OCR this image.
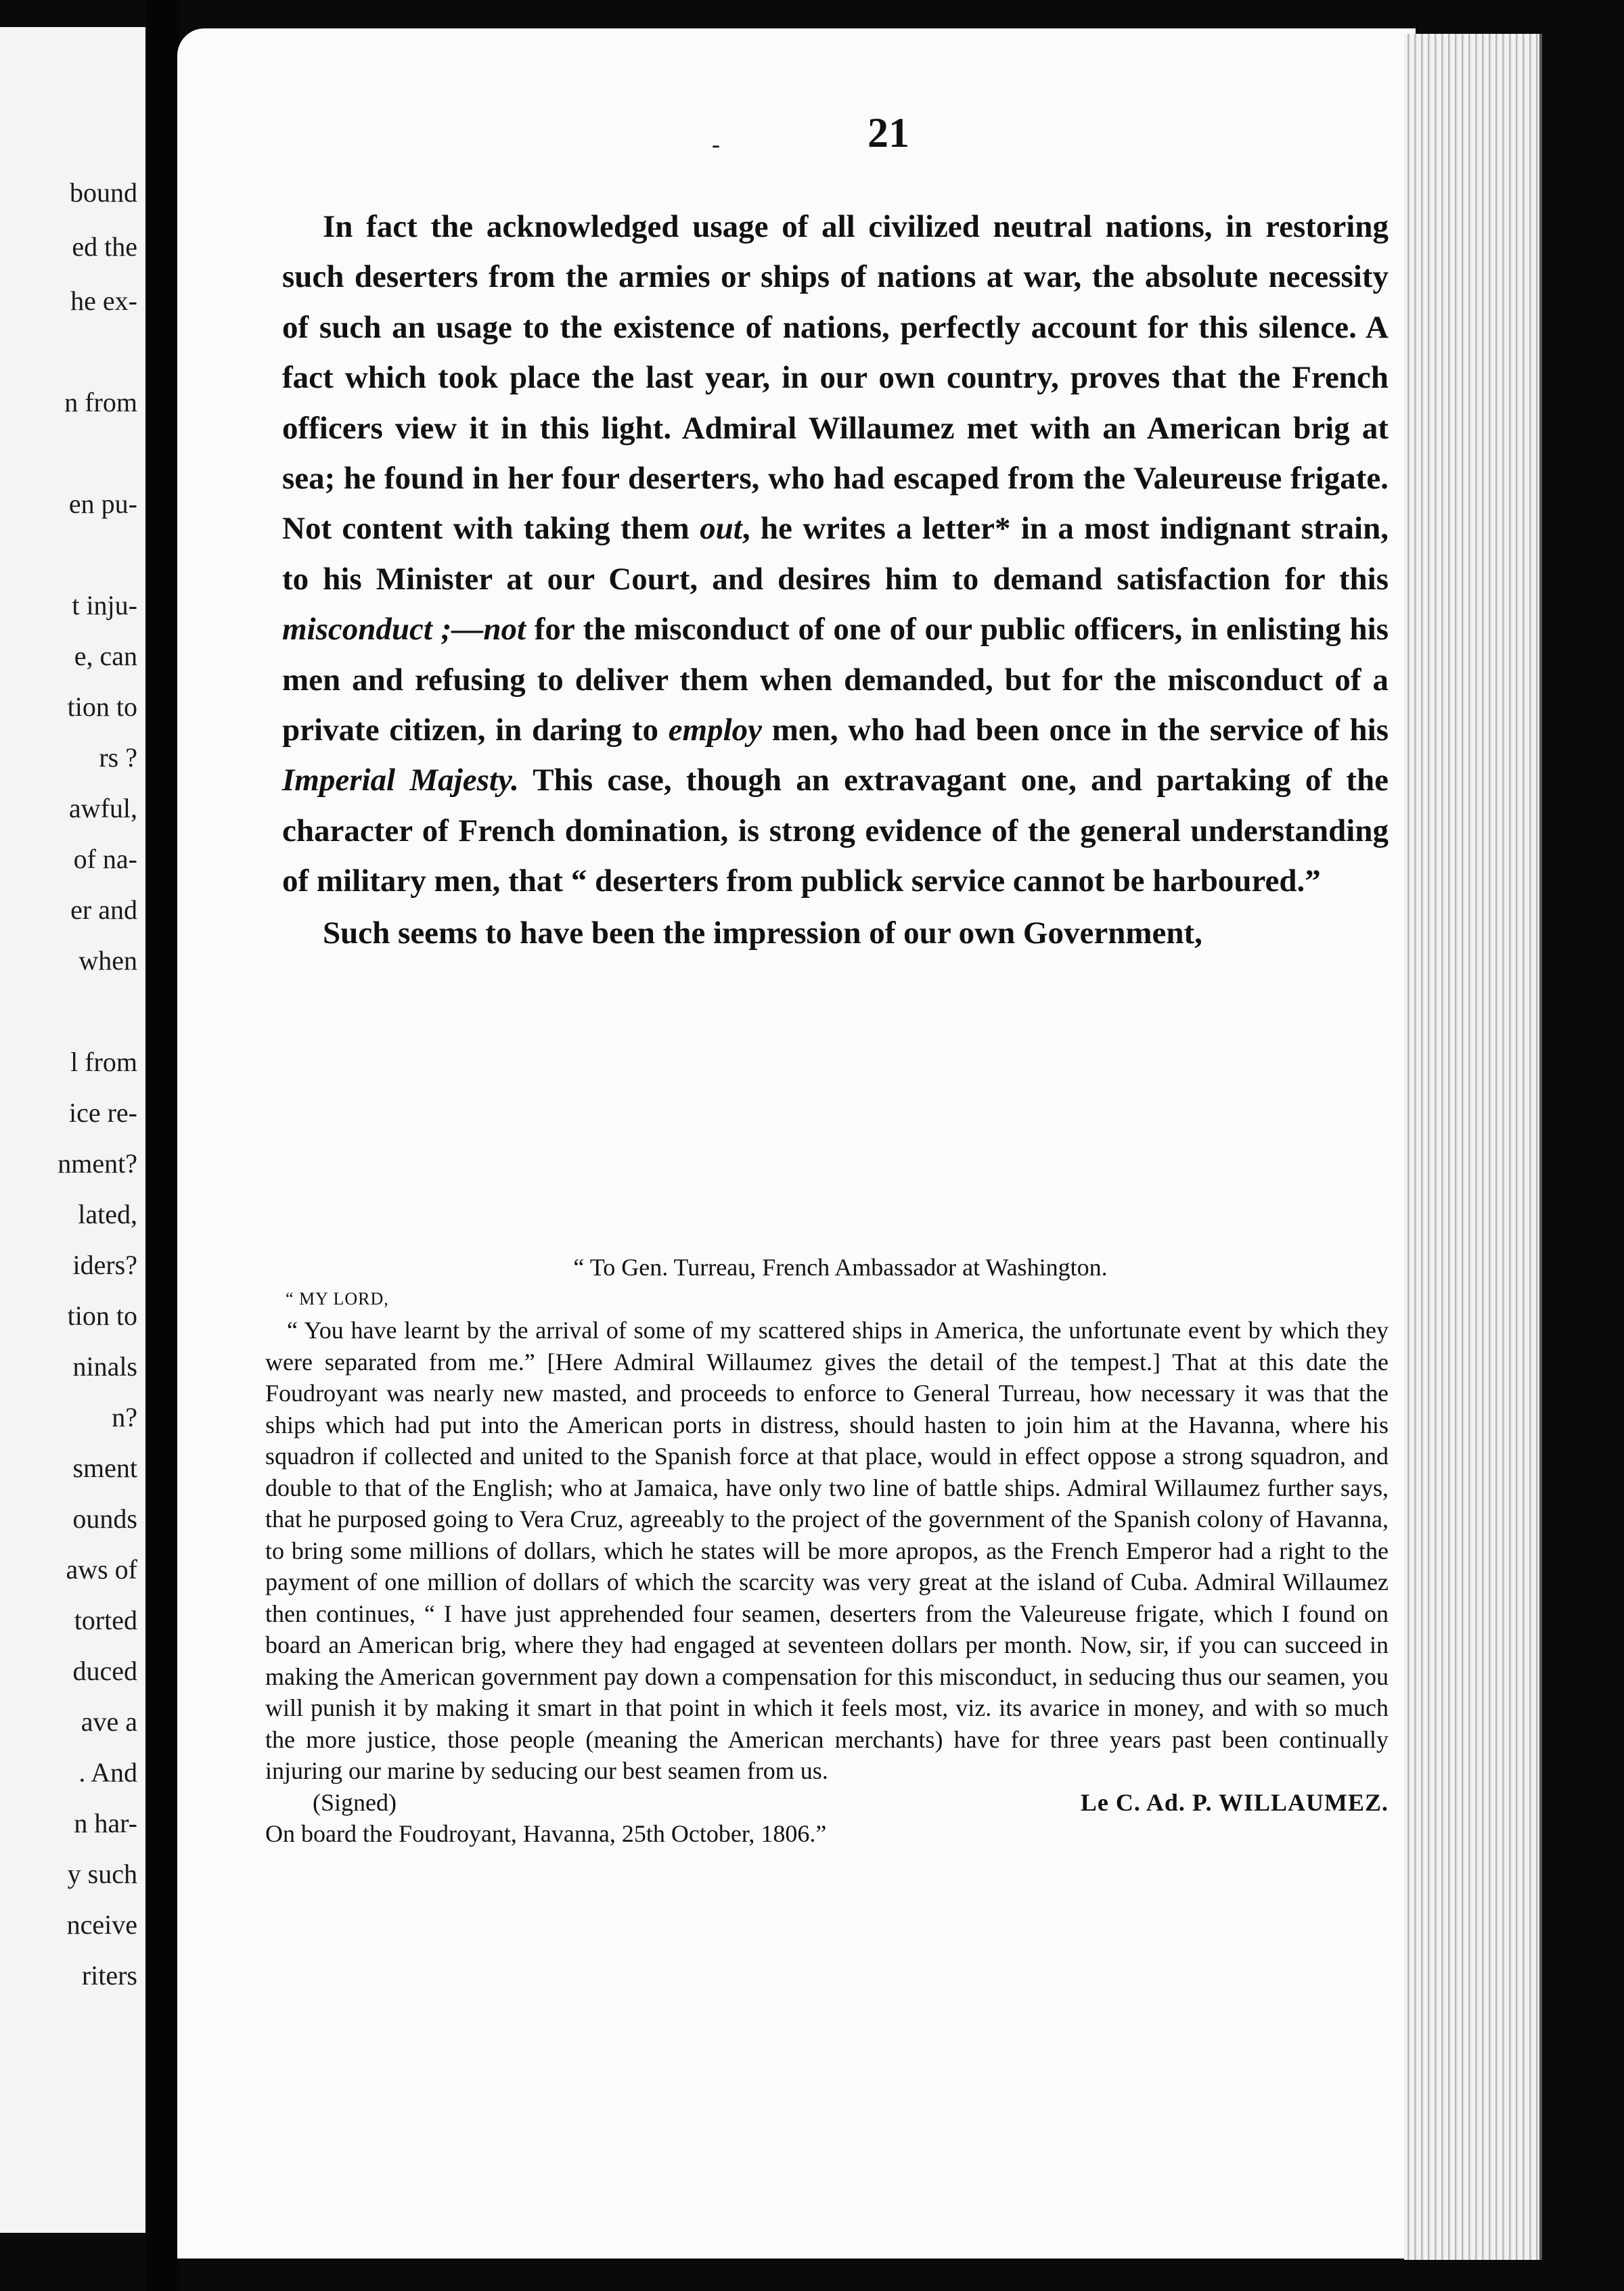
bound
ed the
he ex-
n from
en pu-
t inju-
e, can
tion to
rs ?
awful,
of na-
er and
when
l from
ice re-
nment?
lated,
iders?
tion to
ninals
n?
sment
ounds
aws of
torted
duced
ave a
. And
n har-
y such
nceive
riters
-	21

In fact the acknowledged usage of all civilized neutral nations, in restoring such deserters from the armies or ships of nations at war, the absolute necessity of such an usage to the existence of nations, perfectly account for this silence. A fact which took place the last year, in our own country, proves that the French officers view it in this light. Admiral Willaumez met with an American brig at sea; he found in her four deserters, who had escaped from the Valeureuse frigate. Not content with taking them out, he writes a letter* in a most indignant strain, to his Minister at our Court, and desires him to demand satisfaction for this misconduct ;—not for the misconduct of one of our public officers, in enlisting his men and refusing to deliver them when demanded, but for the misconduct of a private citizen, in daring to employ men, who had been once in the service of his Imperial Majesty. This case, though an extravagant one, and partaking of the character of French domination, is strong evidence of the general understanding of military men, that “ deserters from publick service cannot be harboured.”

Such seems to have been the impression of our own Government,

“ To Gen. Turreau, French Ambassador at Washington.

“ MY LORD,

“ You have learnt by the arrival of some of my scattered ships in America, the unfortunate event by which they were separated from me.” [Here Admiral Willaumez gives the detail of the tempest.] That at this date the Foudroyant was nearly new masted, and proceeds to enforce to General Turreau, how necessary it was that the ships which had put into the American ports in distress, should hasten to join him at the Havanna, where his squadron if collected and united to the Spanish force at that place, would in effect oppose a strong squadron, and double to that of the English; who at Jamaica, have only two line of battle ships. Admiral Willaumez further says, that he purposed going to Vera Cruz, agreeably to the project of the government of the Spanish colony of Havanna, to bring some millions of dollars, which he states will be more apropos, as the French Emperor had a right to the payment of one million of dollars of which the scarcity was very great at the island of Cuba. Admiral Willaumez then continues, “ I have just apprehended four seamen, deserters from the Valeureuse frigate, which I found on board an American brig, where they had engaged at seventeen dollars per month. Now, sir, if you can succeed in making the American government pay down a compensation for this misconduct, in seducing thus our seamen, you will punish it by making it smart in that point in which it feels most, viz. its avarice in money, and with so much the more justice, those people (meaning the American merchants) have for three years past been continually injuring our marine by seducing our best seamen from us.

(Signed)	Le C. Ad. P. WILLAUMEZ.

On board the Foudroyant, Havanna, 25th October, 1806.”
